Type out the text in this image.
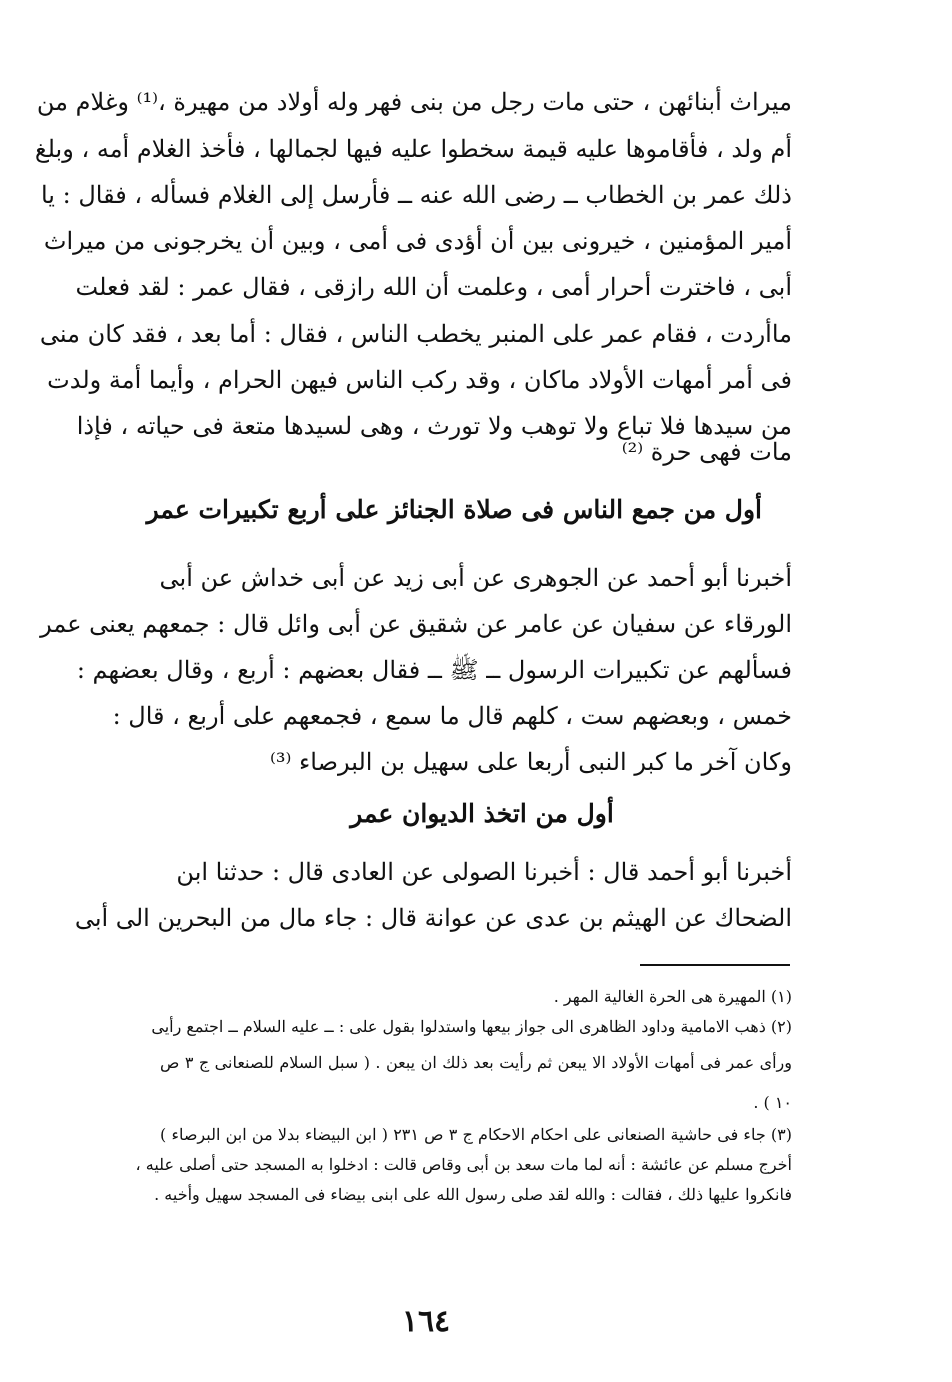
ميراث أبنائهن ، حتى مات رجل من بنى فهر وله أولاد من مهيرة ،⁽¹⁾ وغلام من
أم ولد ، فأقاموها عليه قيمة سخطوا عليه فيها لجمالها ، فأخذ الغلام أمه ، وبلغ
ذلك عمر بن الخطاب ــ رضى الله عنه ــ فأرسل إلى الغلام فسأله ، فقال : يا
أمير المؤمنين ، خيرونى بين أن أؤدى فى أمى ، وبين أن يخرجونى من ميراث
أبى ، فاخترت أحرار أمى ، وعلمت أن الله رازقى ، فقال عمر : لقد فعلت
ماأردت ، فقام عمر على المنبر يخطب الناس ، فقال : أما بعد ، فقد كان منى
فى أمر أمهات الأولاد ماكان ، وقد ركب الناس فيهن الحرام ، وأيما أمة ولدت
من سيدها فلا تباع ولا توهب ولا تورث ، وهى لسيدها متعة فى حياته ، فإذا
مات فهى حرة ⁽²⁾
أول من جمع الناس فى صلاة الجنائز على أربع تكبيرات عمر
أخبرنا أبو أحمد عن الجوهرى عن أبى زيد عن أبى خداش عن أبى
الورقاء عن سفيان عن عامر عن شقيق عن أبى وائل قال : جمعهم يعنى عمر
فسألهم عن تكبيرات الرسول ــ ﷺ ــ فقال بعضهم : أربع ، وقال بعضهم :
خمس ، وبعضهم ست ، كلهم قال ما سمع ، فجمعهم على أربع ، قال :
وكان آخر ما كبر النبى أربعا على سهيل بن البرصاء ⁽³⁾
أول من اتخذ الديوان عمر
أخبرنا أبو أحمد قال : أخبرنا الصولى عن العادى قال : حدثنا ابن
الضحاك عن الهيثم بن عدى عن عوانة قال : جاء مال من البحرين الى أبى
(١) المهيرة هى الحرة الغالية المهر .
(٢) ذهب الامامية وداود الظاهرى الى جواز بيعها واستدلوا بقول على : ــ عليه السلام ــ اجتمع رأيى
ورأى عمر فى أمهات الأولاد الا يبعن ثم رأيت بعد ذلك ان يبعن . ( سبل السلام للصنعانى ج ٣ ص
١٠ ) .
(٣) جاء فى حاشية الصنعانى على احكام الاحكام ج ٣ ص ٢٣١ ( ابن البيضاء بدلا من ابن البرصاء )
أخرج مسلم عن عائشة : أنه لما مات سعد بن أبى وقاص قالت : ادخلوا به المسجد حتى أصلى عليه ،
فانكروا عليها ذلك ، فقالت : والله لقد صلى رسول الله على ابنى بيضاء فى المسجد سهيل وأخيه .
١٦٤
